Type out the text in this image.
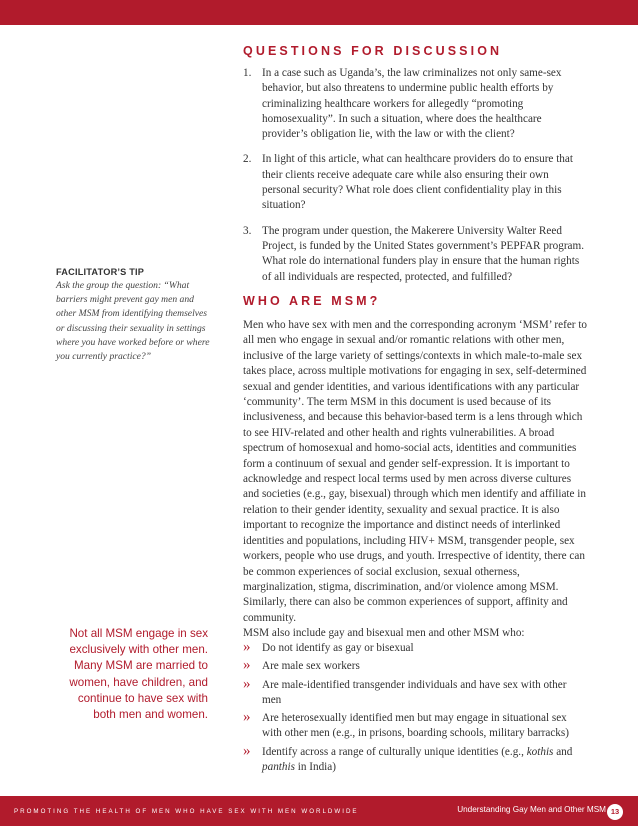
QUESTIONS FOR DISCUSSION
1. In a case such as Uganda’s, the law criminalizes not only same-sex behavior, but also threatens to undermine public health efforts by criminalizing healthcare workers for allegedly “promoting homosexuality”. In such a situation, where does the healthcare provider’s obligation lie, with the law or with the client?
2. In light of this article, what can healthcare providers do to ensure that their clients receive adequate care while also ensuring their own personal security? What role does client confidentiality play in this situation?
3. The program under question, the Makerere University Walter Reed Project, is funded by the United States government’s PEPFAR program. What role do international funders play in ensure that the human rights of all individuals are respected, protected, and fulfilled?
FACILITATOR’S TIP
Ask the group the question: “What barriers might prevent gay men and other MSM from identifying themselves or discussing their sexuality in settings where you have worked before or where you currently practice?”
WHO ARE MSM?

Men who have sex with men and the corresponding acronym ‘MSM’ refer to all men who engage in sexual and/or romantic relations with other men, inclusive of the large variety of settings/contexts in which male-to-male sex takes place, across multiple motivations for engaging in sex, self-determined sexual and gender identities, and various identifications with any particular ‘community’. The term MSM in this document is used because of its inclusiveness, and because this behavior-based term is a lens through which to see HIV-related and other health and rights vulnerabilities. A broad spectrum of homosexual and homo-social acts, identities and communities form a continuum of sexual and gender self-expression. It is important to acknowledge and respect local terms used by men across diverse cultures and societies (e.g., gay, bisexual) through which men identify and affiliate in relation to their gender identity, sexuality and sexual practice. It is also important to recognize the importance and distinct needs of interlinked identities and populations, including HIV+ MSM, transgender people, sex workers, people who use drugs, and youth. Irrespective of identity, there can be common experiences of social exclusion, sexual otherness, marginalization, stigma, discrimination, and/or violence among MSM. Similarly, there can also be common experiences of support, affinity and community.

Not all MSM engage in sex exclusively with other men. Many MSM are married to women, have children, and continue to have sex with both men and women.

MSM also include gay and bisexual men and other MSM who:

»	Do not identify as gay or bisexual
»	Are male sex workers
»	Are male-identified transgender individuals and have sex with other men
»	Are heterosexually identified men but may engage in situational sex with other men (e.g., in prisons, boarding schools, military barracks)
»	Identify across a range of culturally unique identities (e.g., kothis and panthis in India)
PROMOTING THE HEALTH OF MEN WHO HAVE SEX WITH MEN WORLDWIDE	Understanding Gay Men and Other MSM 13
